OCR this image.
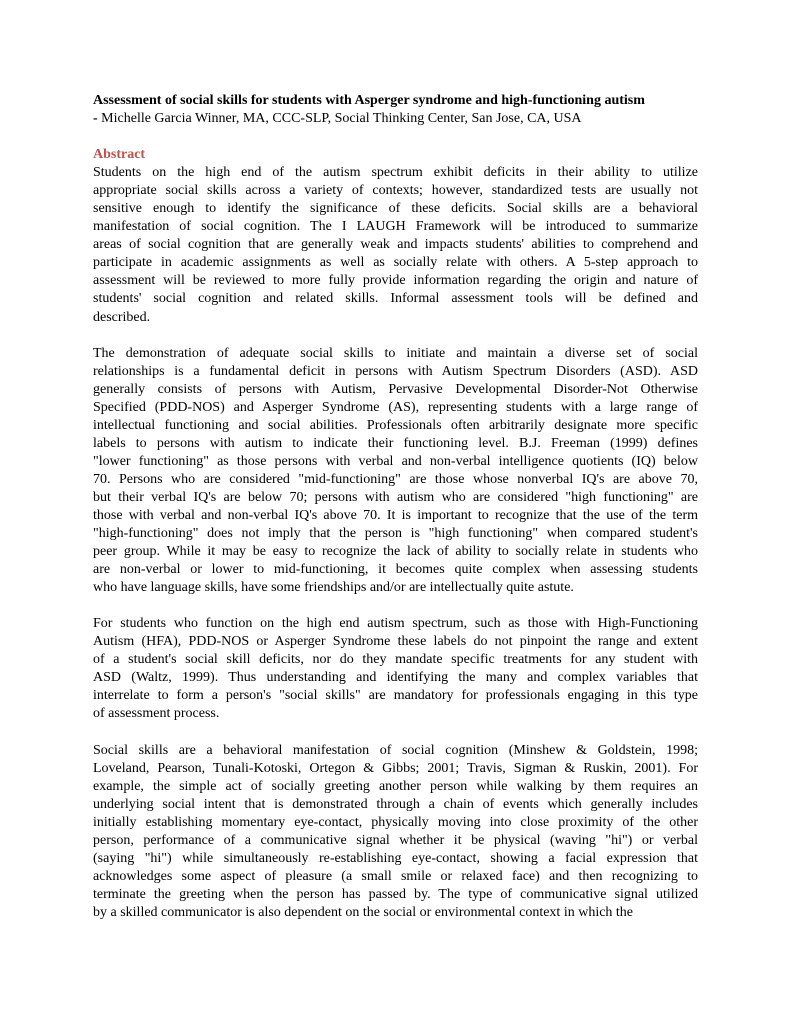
Assessment of social skills for students with Asperger syndrome and high-functioning autism

- Michelle Garcia Winner, MA, CCC-SLP, Social Thinking Center, San Jose, CA, USA

Abstract

Students on the high end of the autism spectrum exhibit deficits in their ability to utilize
appropriate social skills across a variety of contexts; however, standardized tests are usually not
sensitive enough to identify the significance of these deficits. Social skills are a behavioral
manifestation of social cognition. The I LAUGH Framework will be introduced to summarize
areas of social cognition that are generally weak and impacts students' abilities to comprehend and
participate in academic assignments as well as socially relate with others. A 5-step approach to
assessment will be reviewed to more fully provide information regarding the origin and nature of
students' social cognition and related skills. Informal assessment tools will be defined and
described.
The demonstration of adequate social skills to initiate and maintain a diverse set of social
relationships is a fundamental deficit in persons with Autism Spectrum Disorders (ASD). ASD
generally consists of persons with Autism, Pervasive Developmental Disorder-Not Otherwise
Specified (PDD-NOS) and Asperger Syndrome (AS), representing students with a large range of
intellectual functioning and social abilities. Professionals often arbitrarily designate more specific
labels to persons with autism to indicate their functioning level. B.J. Freeman (1999) defines
"lower functioning" as those persons with verbal and non-verbal intelligence quotients (IQ) below
70. Persons who are considered "mid-functioning" are those whose nonverbal IQ's are above 70,
but their verbal IQ's are below 70; persons with autism who are considered "high functioning" are
those with verbal and non-verbal IQ's above 70. It is important to recognize that the use of the term
"high-functioning" does not imply that the person is "high functioning" when compared student's
peer group. While it may be easy to recognize the lack of ability to socially relate in students who
are non-verbal or lower to mid-functioning, it becomes quite complex when assessing students
who have language skills, have some friendships and/or are intellectually quite astute.
For students who function on the high end autism spectrum, such as those with High-Functioning
Autism (HFA), PDD-NOS or Asperger Syndrome these labels do not pinpoint the range and extent
of a student's social skill deficits, nor do they mandate specific treatments for any student with
ASD (Waltz, 1999). Thus understanding and identifying the many and complex variables that
interrelate to form a person's "social skills" are mandatory for professionals engaging in this type
of assessment process.
Social skills are a behavioral manifestation of social cognition (Minshew & Goldstein, 1998;
Loveland, Pearson, Tunali-Kotoski, Ortegon & Gibbs; 2001; Travis, Sigman & Ruskin, 2001). For
example, the simple act of socially greeting another person while walking by them requires an
underlying social intent that is demonstrated through a chain of events which generally includes
initially establishing momentary eye-contact, physically moving into close proximity of the other
person, performance of a communicative signal whether it be physical (waving "hi") or verbal
(saying "hi") while simultaneously re-establishing eye-contact, showing a facial expression that
acknowledges some aspect of pleasure (a small smile or relaxed face) and then recognizing to
terminate the greeting when the person has passed by. The type of communicative signal utilized
by a skilled communicator is also dependent on the social or environmental context in which the
